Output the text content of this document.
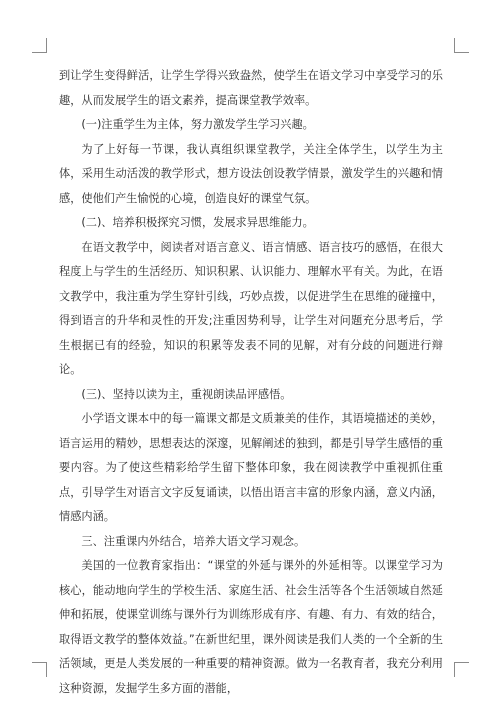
到让学生变得鲜活，让学生学得兴致盎然，使学生在语文学习中享受学习的乐趣，从而发展学生的语文素养，提高课堂教学效率。

(一)注重学生为主体，努力激发学生学习兴趣。

为了上好每一节课，我认真组织课堂教学，关注全体学生，以学生为主体，采用生动活泼的教学形式，想方设法创设教学情景，激发学生的兴趣和情感，使他们产生愉悦的心境，创造良好的课堂气氛。

(二)、培养积极探究习惯，发展求异思维能力。

在语文教学中，阅读者对语言意义、语言情感、语言技巧的感悟，在很大程度上与学生的生活经历、知识积累、认识能力、理解水平有关。为此，在语文教学中，我注重为学生穿针引线，巧妙点拨，以促进学生在思维的碰撞中，得到语言的升华和灵性的开发;注重因势利导，让学生对问题充分思考后，学生根据已有的经验，知识的积累等发表不同的见解，对有分歧的问题进行辩论。

(三)、坚持以读为主，重视朗读品评感悟。

小学语文课本中的每一篇课文都是文质兼美的佳作，其语境描述的美妙，语言运用的精妙，思想表达的深邃，见解阐述的独到，都是引导学生感悟的重要内容。为了使这些精彩给学生留下整体印象，我在阅读教学中重视抓住重点，引导学生对语言文字反复诵读，以悟出语言丰富的形象内涵，意义内涵，情感内涵。

三、注重课内外结合，培养大语文学习观念。

美国的一位教育家指出：“课堂的外延与课外的外延相等。以课堂学习为核心，能动地向学生的学校生活、家庭生活、社会生活等各个生活领域自然延伸和拓展，使课堂训练与课外行为训练形成有序、有趣、有力、有效的结合，取得语文教学的整体效益。”在新世纪里，课外阅读是我们人类的一个全新的生活领域，更是人类发展的一种重要的精神资源。做为一名教育者，我充分利用这种资源，发掘学生多方面的潜能，
